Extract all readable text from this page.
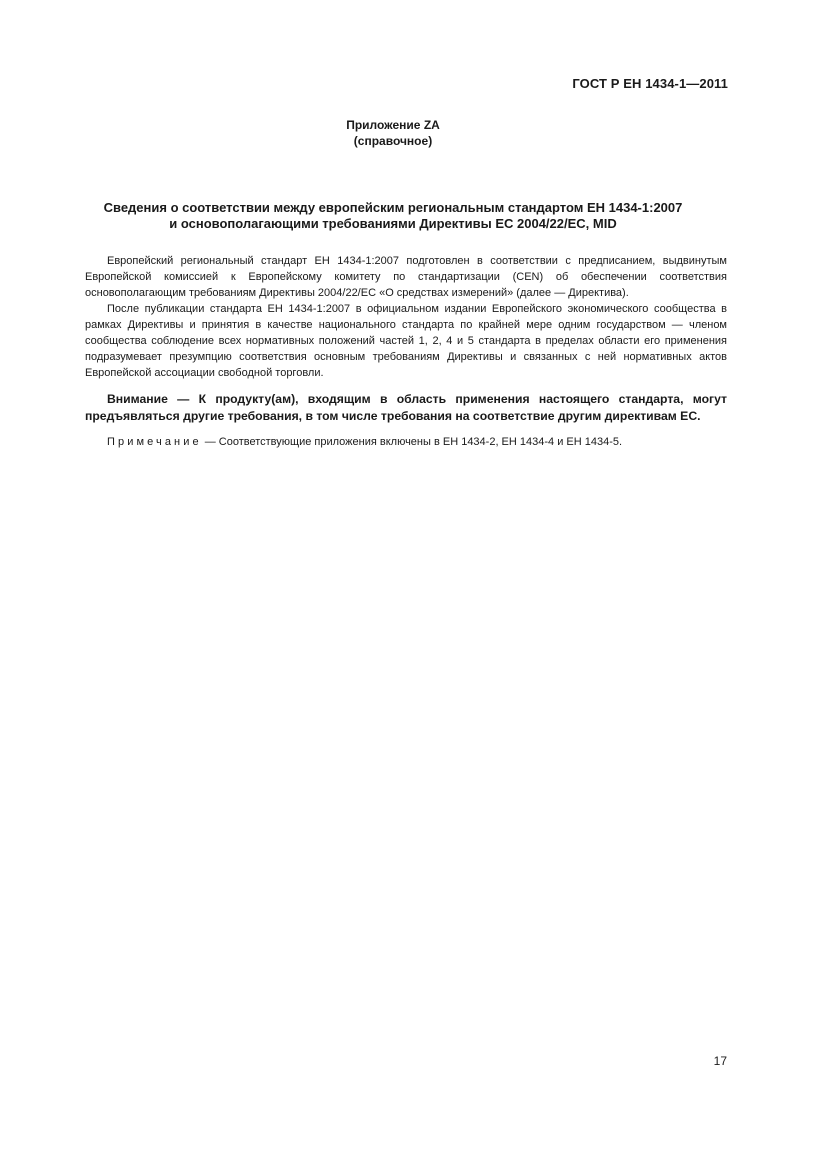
ГОСТ Р ЕН 1434-1—2011
Приложение ZA
(справочное)
Сведения о соответствии между европейским региональным стандартом ЕН 1434-1:2007
и основополагающими требованиями Директивы ЕС 2004/22/ЕС, MID

Европейский региональный стандарт ЕН 1434-1:2007 подготовлен в соответствии с предписанием, выдвинутым Европейской комиссией к Европейскому комитету по стандартизации (CEN) об обеспечении соответствия основополагающим требованиям Директивы 2004/22/ЕС «О средствах измерений» (далее — Директива).

После публикации стандарта ЕН 1434-1:2007 в официальном издании Европейского экономического сообщества в рамках Директивы и принятия в качестве национального стандарта по крайней мере одним государством — членом сообщества соблюдение всех нормативных положений частей 1, 2, 4 и 5 стандарта в пределах области его применения подразумевает презумпцию соответствия основным требованиям Директивы и связанных с ней нормативных актов Европейской ассоциации свободной торговли.

Внимание — К продукту(ам), входящим в область применения настоящего стандарта, могут предъявляться другие требования, в том числе требования на соответствие другим директивам ЕС.
Примечание — Соответствующие приложения включены в ЕН 1434-2, ЕН 1434-4 и ЕН 1434-5.
17
